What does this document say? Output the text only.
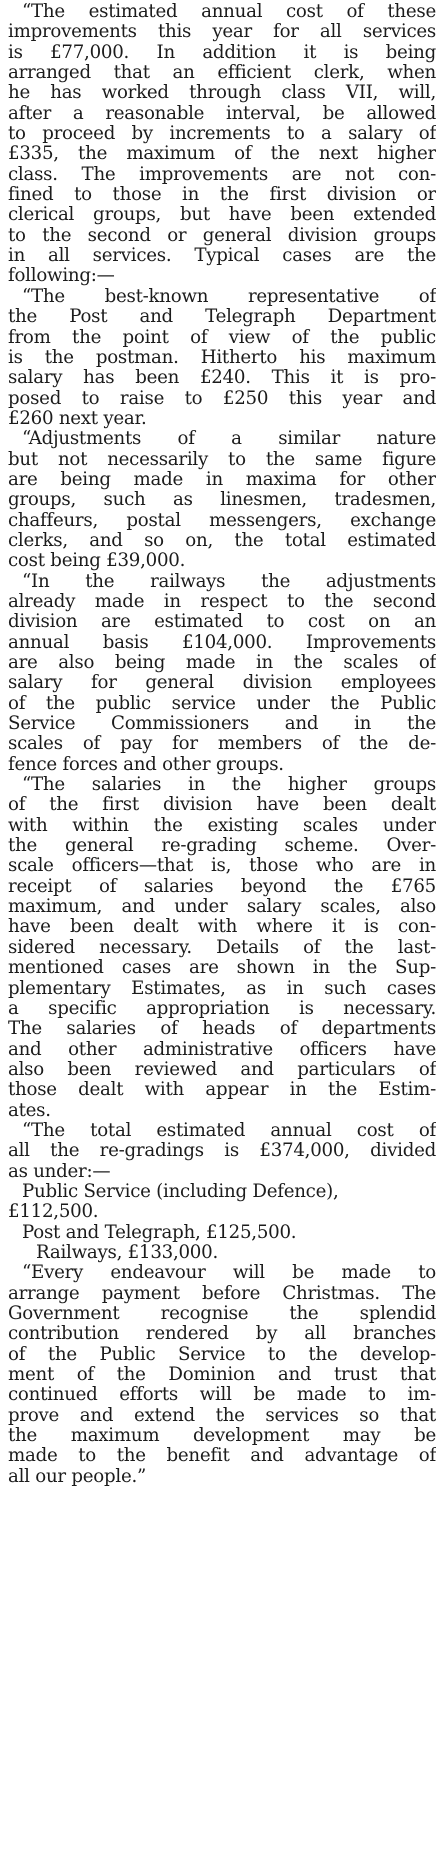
“The estimated annual cost of these
improvements this year for all services
is £77,000. In addition it is being
arranged that an efficient clerk, when
he has worked through class VII, will,
after a reasonable interval, be allowed
to proceed by increments to a salary of
£335, the maximum of the next higher
class. The improvements are not con-
fined to those in the first division or
clerical groups, but have been extended
to the second or general division groups
in all services. Typical cases are the
following:—
“The best-known representative of
the Post and Telegraph Department
from the point of view of the public
is the postman. Hitherto his maximum
salary has been £240. This it is pro-
posed to raise to £250 this year and
£260 next year.
“Adjustments of a similar nature
but not necessarily to the same figure
are being made in maxima for other
groups, such as linesmen, tradesmen,
chaffeurs, postal messengers, exchange
clerks, and so on, the total estimated
cost being £39,000.
“In the railways the adjustments
already made in respect to the second
division are estimated to cost on an
annual basis £104,000. Improvements
are also being made in the scales of
salary for general division employees
of the public service under the Public
Service Commissioners and in the
scales of pay for members of the de-
fence forces and other groups.
“The salaries in the higher groups
of the first division have been dealt
with within the existing scales under
the general re-grading scheme. Over-
scale officers—that is, those who are in
receipt of salaries beyond the £765
maximum, and under salary scales, also
have been dealt with where it is con-
sidered necessary. Details of the last-
mentioned cases are shown in the Sup-
plementary Estimates, as in such cases
a specific appropriation is necessary.
The salaries of heads of departments
and other administrative officers have
also been reviewed and particulars of
those dealt with appear in the Estim-
ates.
“The total estimated annual cost of
all the re-gradings is £374,000, divided
as under:—
Public Service (including Defence),
£112,500.
Post and Telegraph, £125,500.
Railways, £133,000.
“Every endeavour will be made to
arrange payment before Christmas. The
Government recognise the splendid
contribution rendered by all branches
of the Public Service to the develop-
ment of the Dominion and trust that
continued efforts will be made to im-
prove and extend the services so that
the maximum development may be
made to the benefit and advantage of
all our people.”
